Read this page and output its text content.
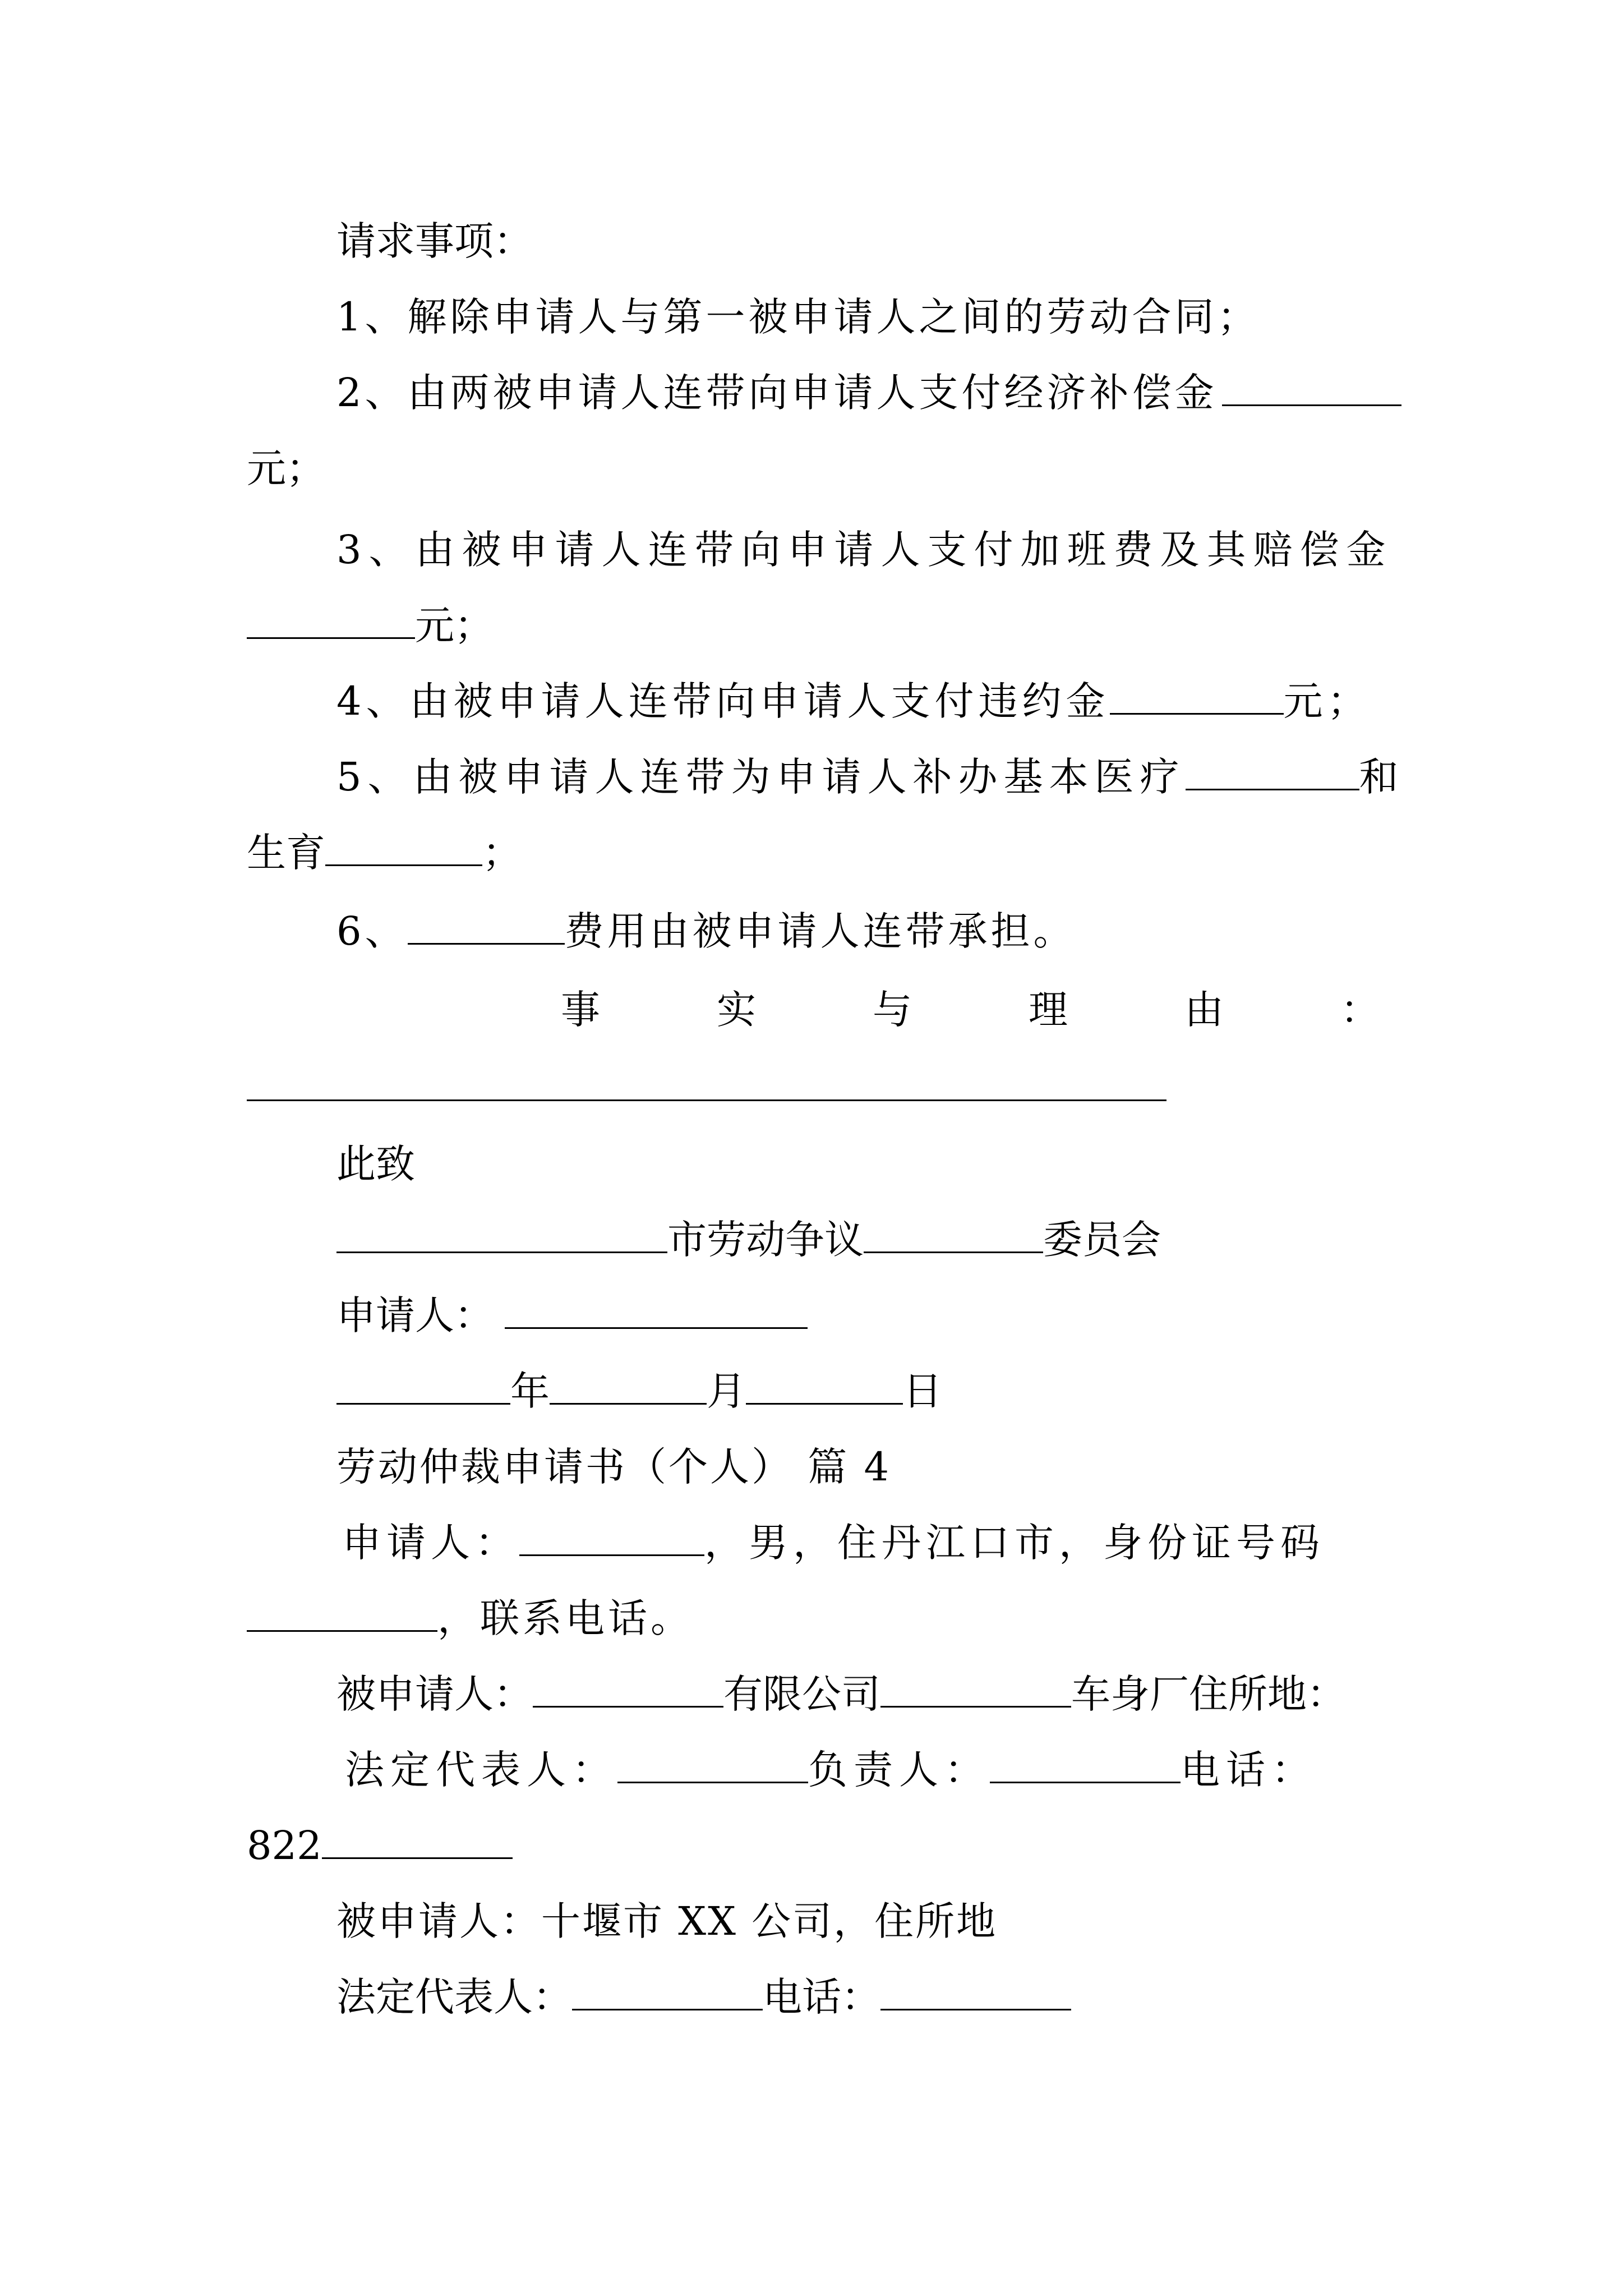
请求事项：
1、解除申请人与第一被申请人之间的劳动合同；
2、由两被申请人连带向申请人支付经济补偿金
元；
3、由被申请人连带向申请人支付加班费及其赔偿金
元；
4、由被申请人连带向申请人支付违约金	元；
5、由被申请人连带为申请人补办基本医疗	和
生育	；
6、	费用由被申请人连带承担。
事	实	与	理	由	：
此致
市劳动争议	委员会
申请人：
年	月	日
劳动仲裁申请书（个人） 篇 4
申请人：	，男，住丹江口市，身份证号码
，联系电话。
被申请人：	有限公司	车身厂住所地：
法定代表人：	负责人：	电话：
822
被申请人：十堰市 XX 公司，住所地
法定代表人：	电话：
